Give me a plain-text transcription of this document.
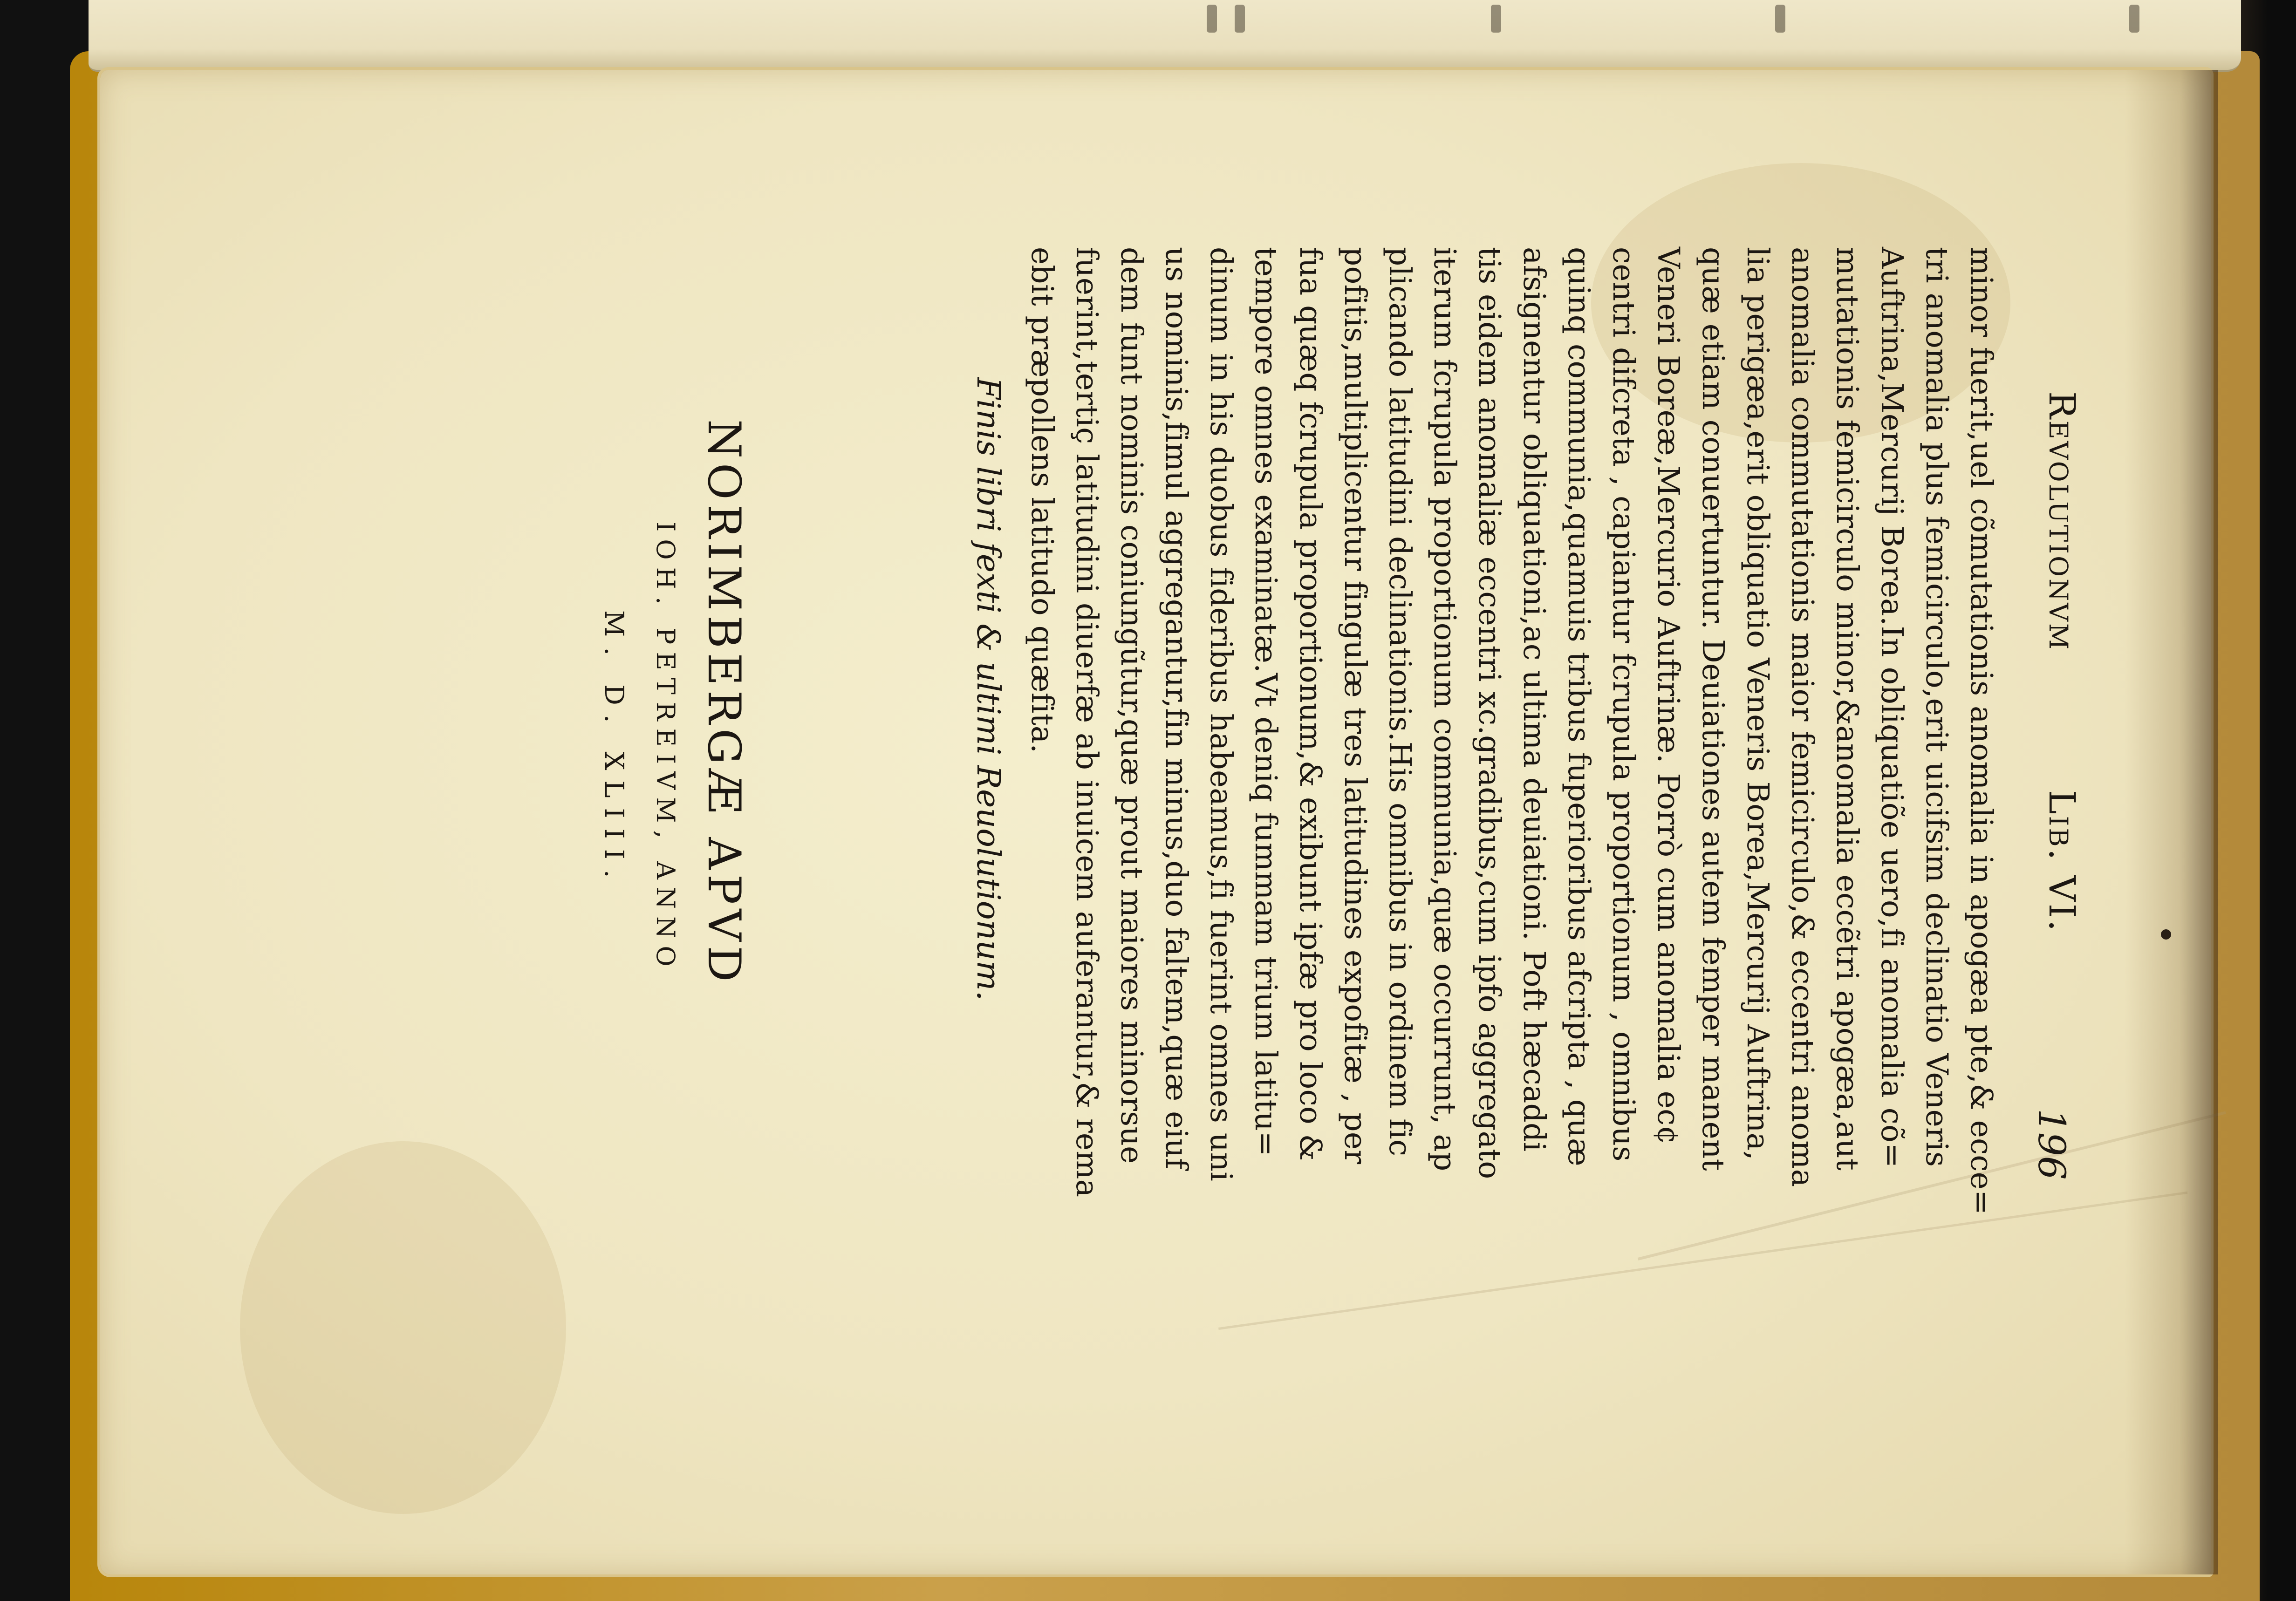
Revolutionvm  Lib. VI.
196
minor fuerit,uel cõmutationis anomalia in apogæa pte,& ecce=
tri anomalia plus femicirculo,erit uicifsim declinatio Veneris
Auftrina,Mercurij Borea.In obliquatiõe uero,fi anomalia cõ=
mutationis femicirculo minor,&anomalia eccẽtri apogæa,aut
anomalia commutationis maior femicirculo,& eccentri anoma
lia perigæa,erit obliquatio Veneris Borea,Mercurij Auftrina,
quæ etiam conuertuntur. Deuiationes autem femper manent
Veneri Boreæ,Mercurio Auftrinæ. Porrò cum anomalia ec¢
centri difcreta , capiantur fcrupula proportionum , omnibus
quinq communia,quamuis tribus fuperioribus afcripta , quæ
afsignentur obliquationi,ac ultima deuiationi. Poft hæcaddi
tis eidem anomaliæ eccentri xc.gradibus,cum ipfo aggregato
iterum fcrupula proportionum communia,quæ occurrunt, ap
plicando latitudini declinationis.His omnibus in ordinem fic
pofitis,multiplicentur fingulæ tres latitudines expofitæ , per
fua quæq fcrupula proportionum,& exibunt ipfæ pro loco &
tempore omnes examinatæ.Vt deniq fummam trium latitu=
dinum in his duobus fideribus habeamus,fi fuerint omnes uni
us nominis,fimul aggregantur,fin minus,duo faltem,quæ eiuf
dem funt nominis coniungũtur,quæ prout maiores minorsue
fuerint,tertiç latitudini diuerfæ ab inuicem auferantur,& rema
ebit præpollens latitudo quæfita.
Finis libri fexti & ultimi Reuolutionum.
NORIMBERGÆ APVD
IOH. PETREIVM, ANNO
M. D. XLIII.
